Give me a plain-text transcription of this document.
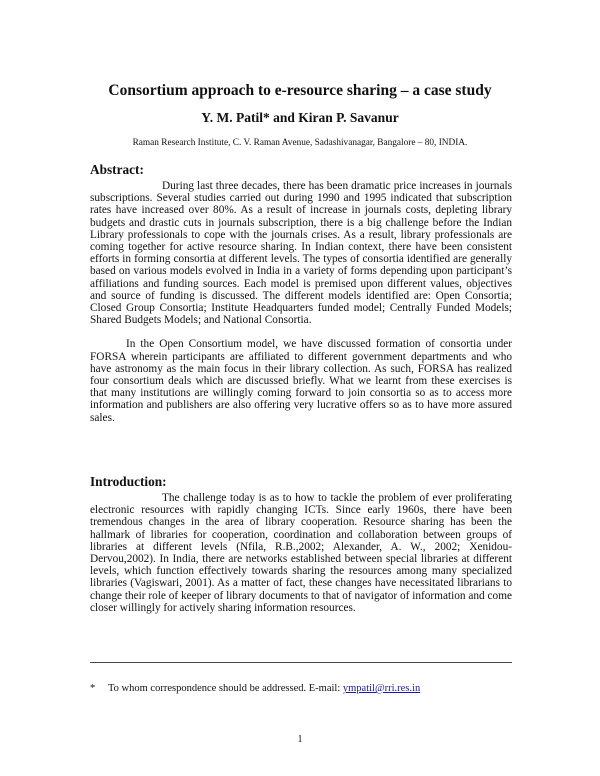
Consortium approach to e-resource sharing – a case study
Y. M. Patil* and Kiran P. Savanur
Raman Research Institute, C. V. Raman Avenue, Sadashivanagar, Bangalore – 80, INDIA.
Abstract:

During last three decades, there has been dramatic price increases in journals subscriptions. Several studies carried out during 1990 and 1995 indicated that subscription rates have increased over 80%. As a result of increase in journals costs, depleting library budgets and drastic cuts in journals subscription, there is a big challenge before the Indian Library professionals to cope with the journals crises. As a result, library professionals are coming together for active resource sharing. In Indian context, there have been consistent efforts in forming consortia at different levels. The types of consortia identified are generally based on various models evolved in India in a variety of forms depending upon participant’s affiliations and funding sources. Each model is premised upon different values, objectives and source of funding is discussed. The different models identified are: Open Consortia; Closed Group Consortia; Institute Headquarters funded model; Centrally Funded Models; Shared Budgets Models; and National Consortia.

In the Open Consortium model, we have discussed formation of consortia under FORSA wherein participants are affiliated to different government departments and who have astronomy as the main focus in their library collection. As such, FORSA has realized four consortium deals which are discussed briefly. What we learnt from these exercises is that many institutions are willingly coming forward to join consortia so as to access more information and publishers are also offering very lucrative offers so as to have more assured sales.

Introduction:

The challenge today is as to how to tackle the problem of ever proliferating electronic resources with rapidly changing ICTs. Since early 1960s, there have been tremendous changes in the area of library cooperation. Resource sharing has been the hallmark of libraries for cooperation, coordination and collaboration between groups of libraries at different levels (Nfila, R.B.,2002; Alexander, A. W., 2002; Xenidou-Dervou,2002). In India, there are networks established between special libraries at different levels, which function effectively towards sharing the resources among many specialized libraries (Vagiswari, 2001). As a matter of fact, these changes have necessitated librarians to change their role of keeper of library documents to that of navigator of information and come closer willingly for actively sharing information resources.

* To whom correspondence should be addressed. E-mail: ympatil@rri.res.in
1
